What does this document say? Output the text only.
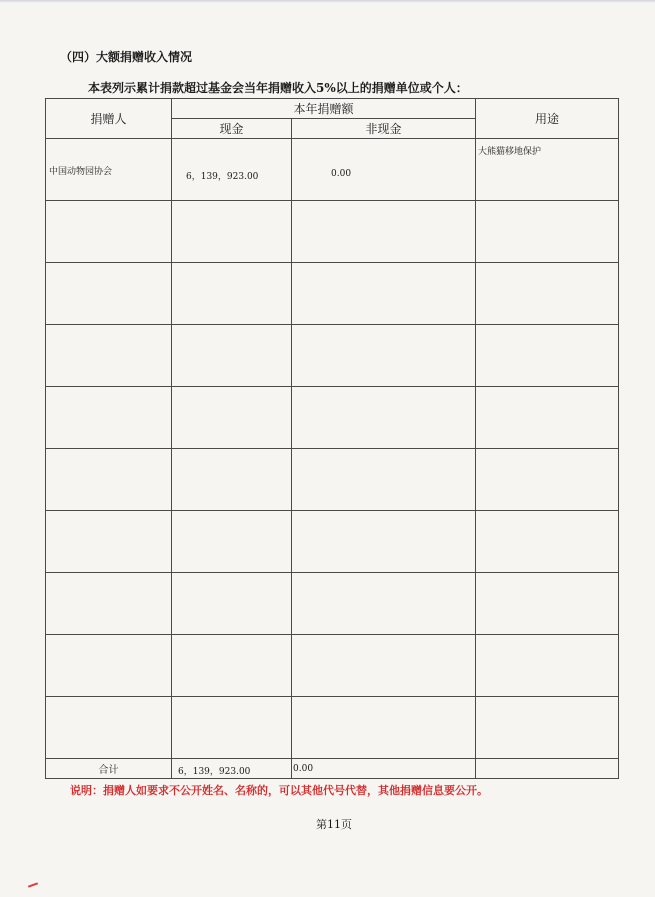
（四）大额捐赠收入情况
本表列示累计捐款超过基金会当年捐赠收入5%以上的捐赠单位或个人：
捐赠人	本年捐赠额		用途
	现金	非现金	

中国动物园协会	6，139，923.00	0.00	大熊猫移地保护

合计	6，139，923.00	0.00	

说明：捐赠人如要求不公开姓名、名称的，可以其他代号代替，其他捐赠信息要公开。
第11页
